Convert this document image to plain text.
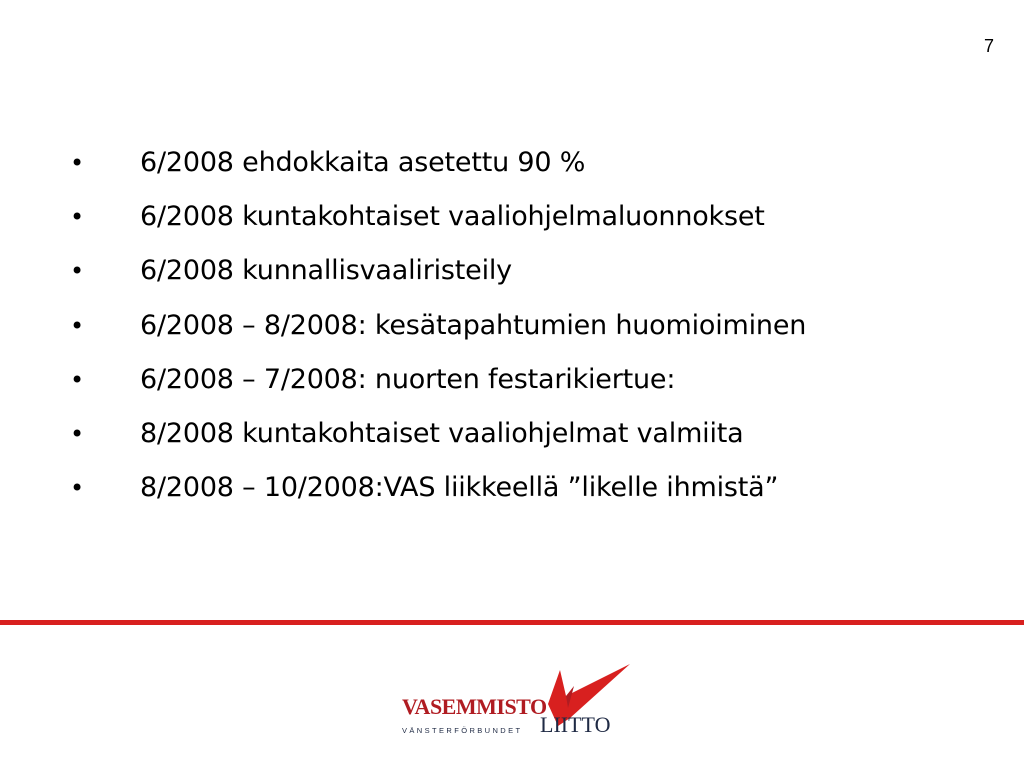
7
• 6/2008 ehdokkaita asetettu 90 %
• 6/2008 kuntakohtaiset vaaliohjelmaluonnokset
• 6/2008 kunnallisvaaliristeily
• 6/2008 – 8/2008: kesätapahtumien huomioiminen
• 6/2008 – 7/2008: nuorten festarikiertue:
• 8/2008 kuntakohtaiset vaaliohjelmat valmiita
• 8/2008 – 10/2008:VAS liikkeellä ”likelle ihmistä”
VASEMMISTO
LIITTO
VÄNSTERFÖRBUNDET
